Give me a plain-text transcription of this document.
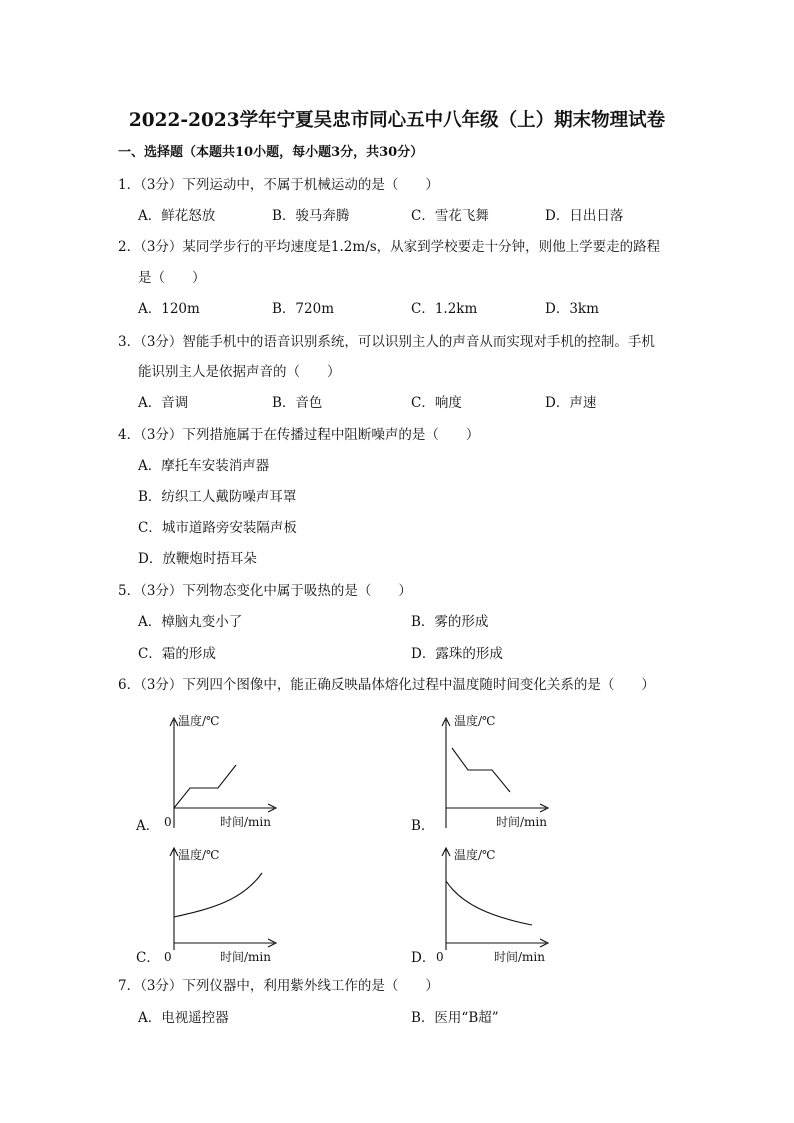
2022-2023学年宁夏吴忠市同心五中八年级（上）期末物理试卷
一、选择题（本题共10小题，每小题3分，共30分）
1．（3分）下列运动中，不属于机械运动的是（　　）
A．鲜花怒放	B．骏马奔腾	C．雪花飞舞	D．日出日落
2．（3分）某同学步行的平均速度是1.2m/s，从家到学校要走十分钟，则他上学要走的路程
是（　　）
A．120m	B．720m	C．1.2km	D．3km
3．（3分）智能手机中的语音识别系统，可以识别主人的声音从而实现对手机的控制。手机
能识别主人是依据声音的（　　）
A．音调	B．音色	C．响度	D．声速
4．（3分）下列措施属于在传播过程中阻断噪声的是（　　）
A．摩托车安装消声器
B．纺织工人戴防噪声耳罩
C．城市道路旁安装隔声板
D．放鞭炮时捂耳朵
5．（3分）下列物态变化中属于吸热的是（　　）
A．樟脑丸变小了	B．雾的形成
C．霜的形成	D．露珠的形成
6．（3分）下列四个图像中，能正确反映晶体熔化过程中温度随时间变化关系的是（　　）
A．
温度/℃
0	时间/min	B．
温度/℃
时间/min
C．
温度/℃
0	时间/min	D．
温度/℃
0	时间/min
7．（3分）下列仪器中，利用紫外线工作的是（　　）
A．电视遥控器	B．医用“B超”
